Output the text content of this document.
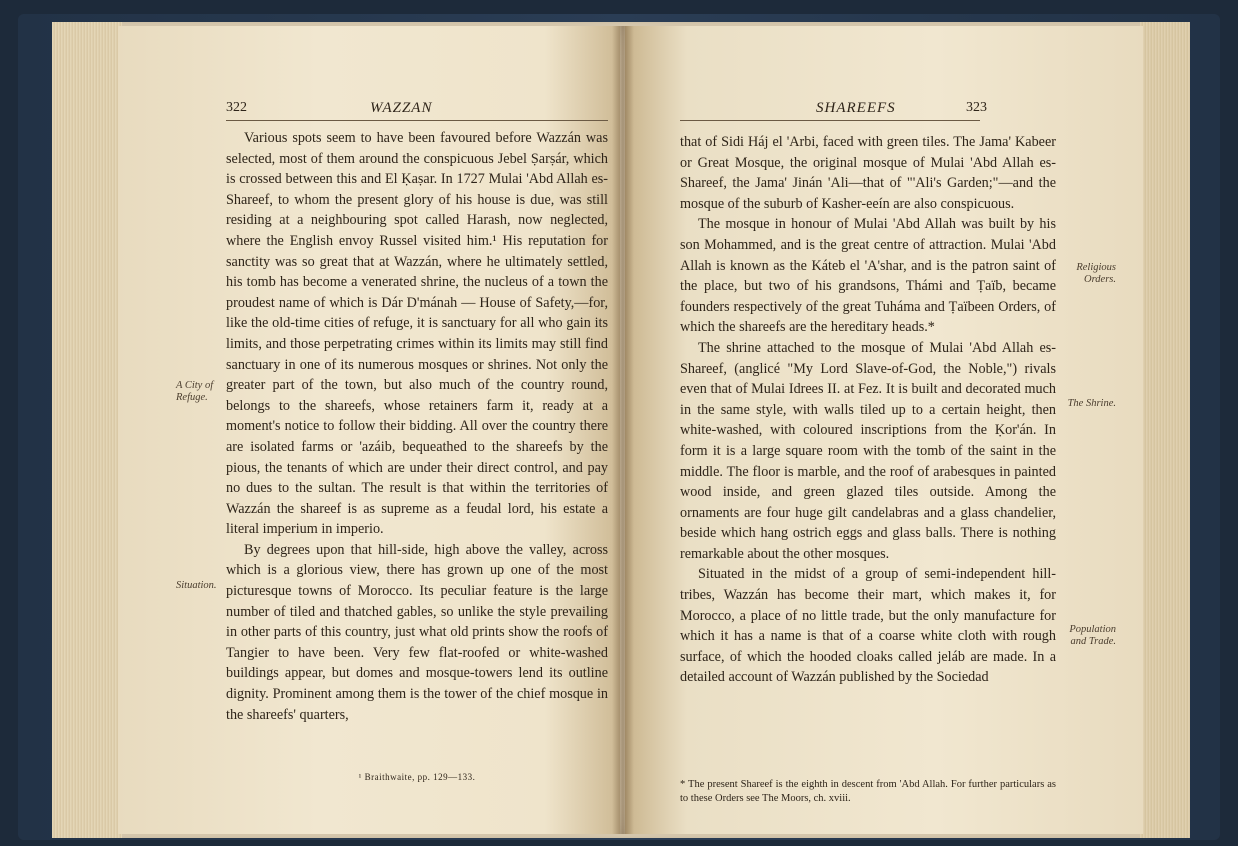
322	WAZZAN

Various spots seem to have been favoured before Wazzán was selected, most of them around the conspicuous Jebel Ṣarṣár, which is crossed between this and El Ḳaṣar. In 1727 Mulai 'Abd Allah es-Shareef, to whom the present glory of his house is due, was still residing at a neighbouring spot called Harash, now neglected, where the English envoy Russel visited him.¹ His reputation for sanctity was so great that at Wazzán, where he ultimately settled, his tomb has become a venerated shrine, the nucleus of a town the proudest name of which is Dár D'mánah — House of Safety,—for, like the old-time cities of refuge, it is sanctuary for all who gain its limits, and those perpetrating crimes within its limits may still find sanctuary in one of its numerous mosques or shrines. Not only the greater part of the town, but also much of the country round, belongs to the shareefs, whose retainers farm it, ready at a moment's notice to follow their bidding. All over the country there are isolated farms or 'azáib, bequeathed to the shareefs by the pious, the tenants of which are under their direct control, and pay no dues to the sultan. The result is that within the territories of Wazzán the shareef is as supreme as a feudal lord, his estate a literal imperium in imperio.

By degrees upon that hill-side, high above the valley, across which is a glorious view, there has grown up one of the most picturesque towns of Morocco. Its peculiar feature is the large number of tiled and thatched gables, so unlike the style prevailing in other parts of this country, just what old prints show the roofs of Tangier to have been. Very few flat-roofed or white-washed buildings appear, but domes and mosque-towers lend its outline dignity. Prominent among them is the tower of the chief mosque in the shareefs' quarters,

A City of Refuge.
Situation.
¹ Braithwaite, pp. 129—133.
SHAREEFS	323

that of Sidi Háj el 'Arbi, faced with green tiles. The Jama' Kabeer or Great Mosque, the original mosque of Mulai 'Abd Allah es-Shareef, the Jama' Jinán 'Ali—that of "'Ali's Garden;"—and the mosque of the suburb of Kasher-eeín are also conspicuous.

The mosque in honour of Mulai 'Abd Allah was built by his son Mohammed, and is the great centre of attraction. Mulai 'Abd Allah is known as the Káteb el 'A'shar, and is the patron saint of the place, but two of his grandsons, Thámi and Ṭaïb, became founders respectively of the great Tuháma and Ṭaïbeen Orders, of which the shareefs are the hereditary heads.*

The shrine attached to the mosque of Mulai 'Abd Allah es-Shareef, (anglicé "My Lord Slave-of-God, the Noble,") rivals even that of Mulai Idrees II. at Fez. It is built and decorated much in the same style, with walls tiled up to a certain height, then white-washed, with coloured inscriptions from the Ḳor'án. In form it is a large square room with the tomb of the saint in the middle. The floor is marble, and the roof of arabesques in painted wood inside, and green glazed tiles outside. Among the ornaments are four huge gilt candelabras and a glass chandelier, beside which hang ostrich eggs and glass balls. There is nothing remarkable about the other mosques.

Situated in the midst of a group of semi-independent hill-tribes, Wazzán has become their mart, which makes it, for Morocco, a place of no little trade, but the only manufacture for which it has a name is that of a coarse white cloth with rough surface, of which the hooded cloaks called jeláb are made. In a detailed account of Wazzán published by the Sociedad

Religious Orders.
The Shrine.
Population and Trade.
* The present Shareef is the eighth in descent from 'Abd Allah. For further particulars as to these Orders see The Moors, ch. xviii.
